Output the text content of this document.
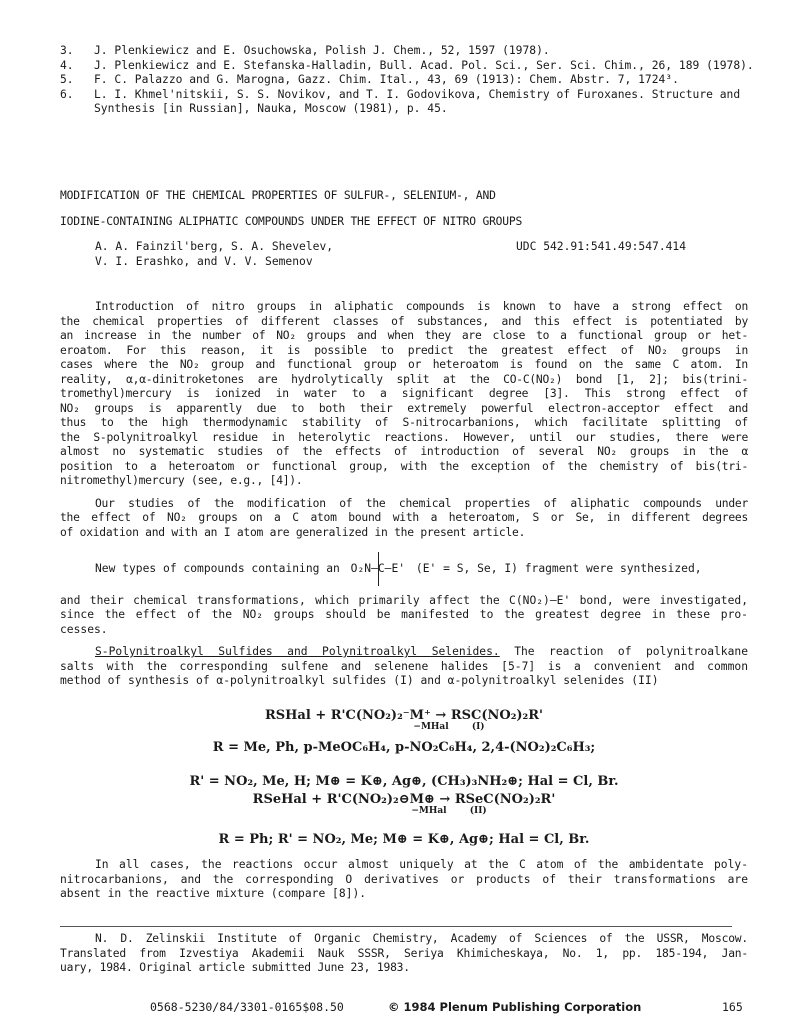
3.	J. Plenkiewicz and E. Osuchowska, Polish J. Chem., 52, 1597 (1978).
4.	J. Plenkiewicz and E. Stefanska-Halladin, Bull. Acad. Pol. Sci., Ser. Sci. Chim., 26, 189 (1978).
5.	F. C. Palazzo and G. Marogna, Gazz. Chim. Ital., 43, 69 (1913): Chem. Abstr. 7, 1724³.
6.	L. I. Khmel'nitskii, S. S. Novikov, and T. I. Godovikova, Chemistry of Furoxanes. Structure and Synthesis [in Russian], Nauka, Moscow (1981), p. 45.
MODIFICATION OF THE CHEMICAL PROPERTIES OF SULFUR-, SELENIUM-, AND
IODINE-CONTAINING ALIPHATIC COMPOUNDS UNDER THE EFFECT OF NITRO GROUPS
A. A. Fainzil'berg, S. A. Shevelev,
V. I. Erashko, and V. V. Semenov
UDC 542.91:541.49:547.414

Introduction of nitro groups in aliphatic compounds is known to have a strong effect on
the chemical properties of different classes of substances, and this effect is potentiated by
an increase in the number of NO₂ groups and when they are close to a functional group or het-
eroatom. For this reason, it is possible to predict the greatest effect of NO₂ groups in
cases where the NO₂ group and functional group or heteroatom is found on the same C atom. In
reality, α,α-dinitroketones are hydrolytically split at the CO-C(NO₂) bond [1, 2]; bis(trini-
tromethyl)mercury is ionized in water to a significant degree [3]. This strong effect of
NO₂ groups is apparently due to both their extremely powerful electron-acceptor effect and
thus to the high thermodynamic stability of S-nitrocarbanions, which facilitate splitting of
the S-polynitroalkyl residue in heterolytic reactions. However, until our studies, there were
almost no systematic studies of the effects of introduction of several NO₂ groups in the α
position to a heteroatom or functional group, with the exception of the chemistry of bis(tri-
nitromethyl)mercury (see, e.g., [4]).

Our studies of the modification of the chemical properties of aliphatic compounds under
the effect of NO₂ groups on a C atom bound with a heteroatom, S or Se, in different degrees
of oxidation and with an I atom are generalized in the present article.

New types of compounds containing an O₂N–C–E' (E' = S, Se, I) fragment were synthesized,
and their chemical transformations, which primarily affect the C(NO₂)–E' bond, were investigated,
since the effect of the NO₂ groups should be manifested to the greatest degree in these pro-
cesses.
S-Polynitroalkyl Sulfides and Polynitroalkyl Selenides. The reaction of polynitroalkane
salts with the corresponding sulfene and selenene halides [5-7] is a convenient and common
method of synthesis of α-polynitroalkyl sulfides (I) and α-polynitroalkyl selenides (II)
RSHal + R'C(NO₂)₂⁻M⁺ → RSC(NO₂)₂R'
−MHal	(I)
R = Me, Ph, p-MeOC₆H₄, p-NO₂C₆H₄, 2,4-(NO₂)₂C₆H₃;
R' = NO₂, Me, H; M⊕ = K⊕, Ag⊕, (CH₃)₃NH₂⊕; Hal = Cl, Br.
RSeHal + R'C(NO₂)₂⊖M⊕ → RSeC(NO₂)₂R'
−MHal	(II)
R = Ph; R' = NO₂, Me; M⊕ = K⊕, Ag⊕; Hal = Cl, Br.
In all cases, the reactions occur almost uniquely at the C atom of the ambidentate poly-
nitrocarbanions, and the corresponding O derivatives or products of their transformations are
absent in the reactive mixture (compare [8]).
N. D. Zelinskii Institute of Organic Chemistry, Academy of Sciences of the USSR, Moscow.
Translated from Izvestiya Akademii Nauk SSSR, Seriya Khimicheskaya, No. 1, pp. 185-194, Jan-
uary, 1984. Original article submitted June 23, 1983.
0568-5230/84/3301-0165$08.50	© 1984 Plenum Publishing Corporation	165
